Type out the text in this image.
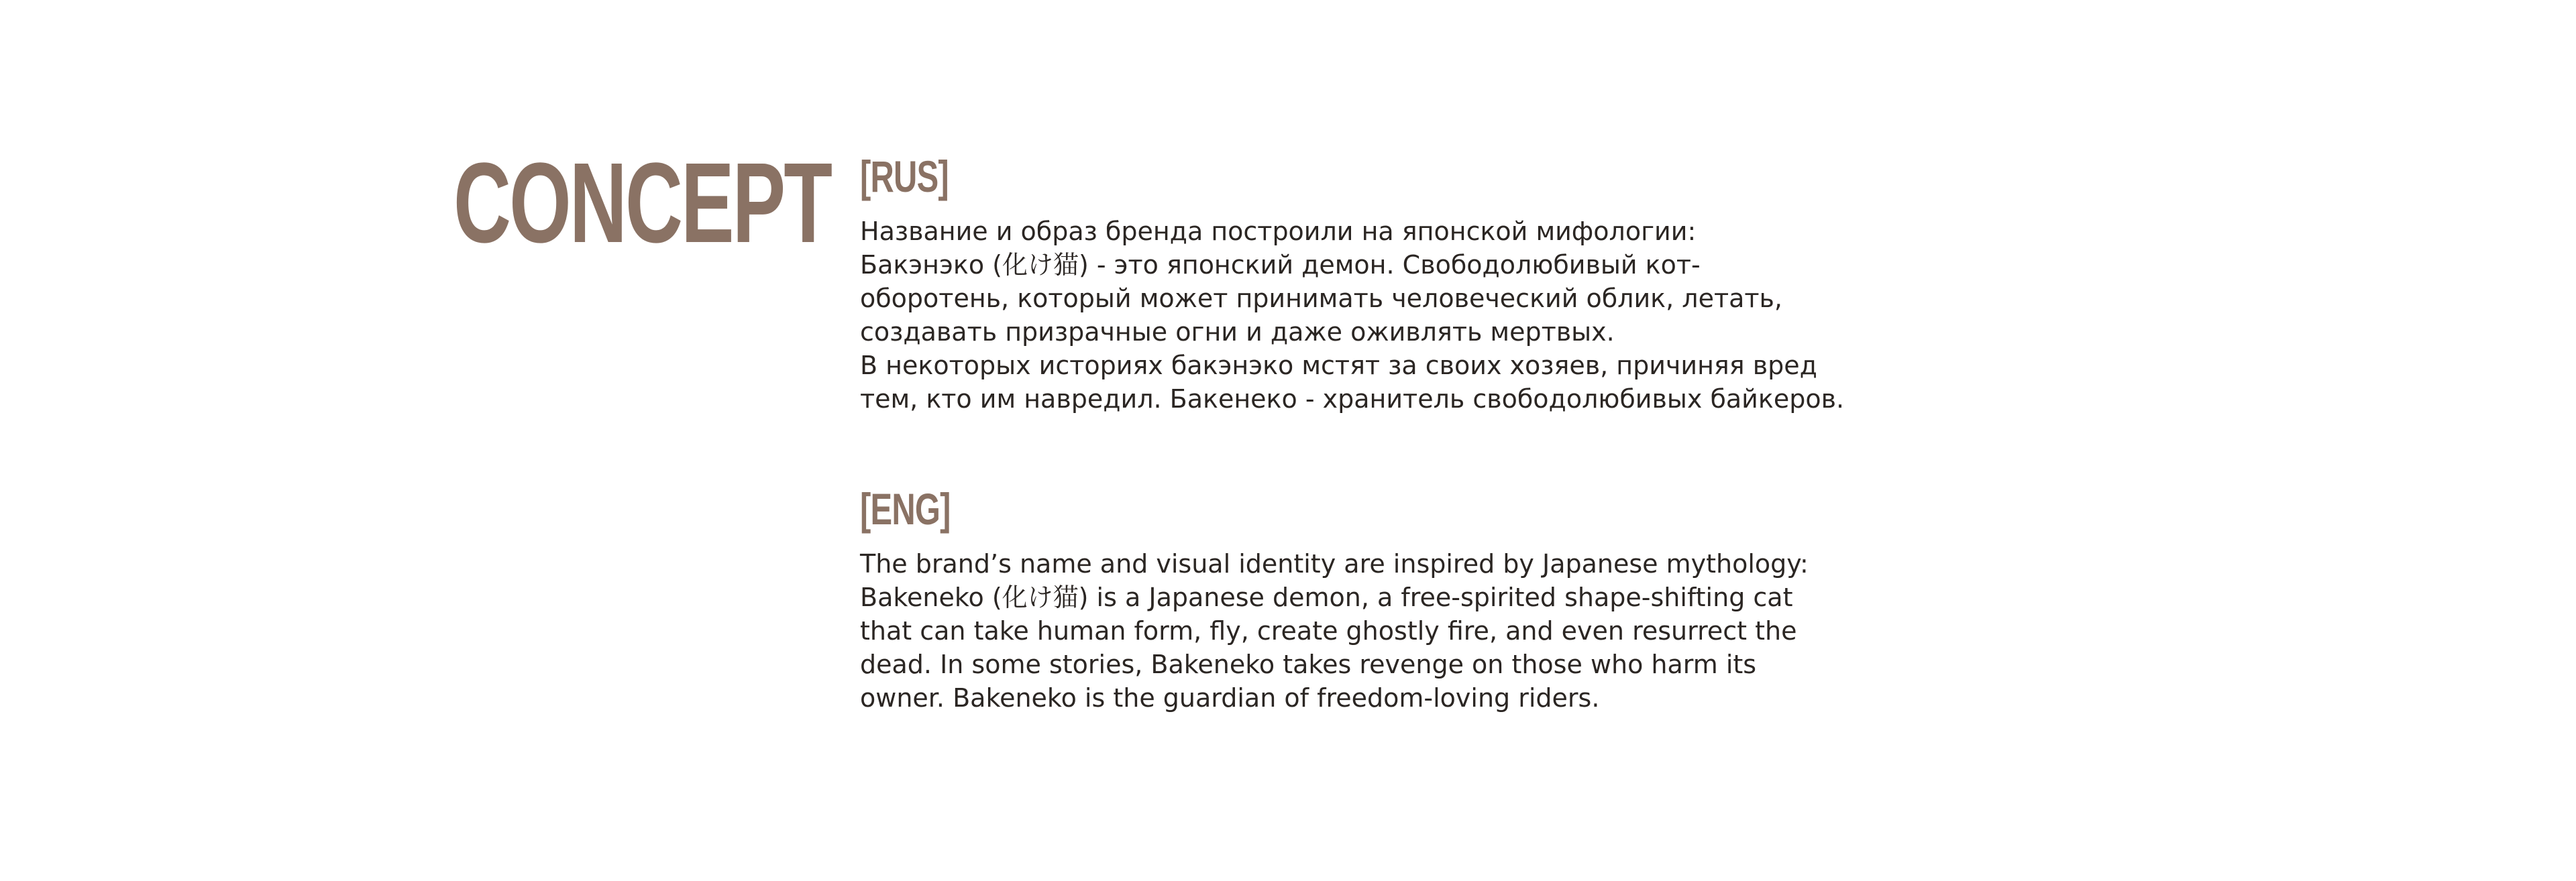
CONCEPT [RUS]

Название и образ бренда построили на японской мифологии:
Бакэнэко (化け猫) - это японский демон. Свободолюбивый кот-
оборотень, который может принимать человеческий облик, летать,
создавать призрачные огни и даже оживлять мертвых.
В некоторых историях бакэнэко мстят за своих хозяев, причиняя вред
тем, кто им навредил. Бакенеко - хранитель свободолюбивых байкеров.

[ENG]

The brand’s name and visual identity are inspired by Japanese mythology:
Bakeneko (化け猫) is a Japanese demon, a free-spirited shape-shifting cat
that can take human form, fly, create ghostly fire, and even resurrect the
dead. In some stories, Bakeneko takes revenge on those who harm its
owner. Bakeneko is the guardian of freedom-loving riders.
